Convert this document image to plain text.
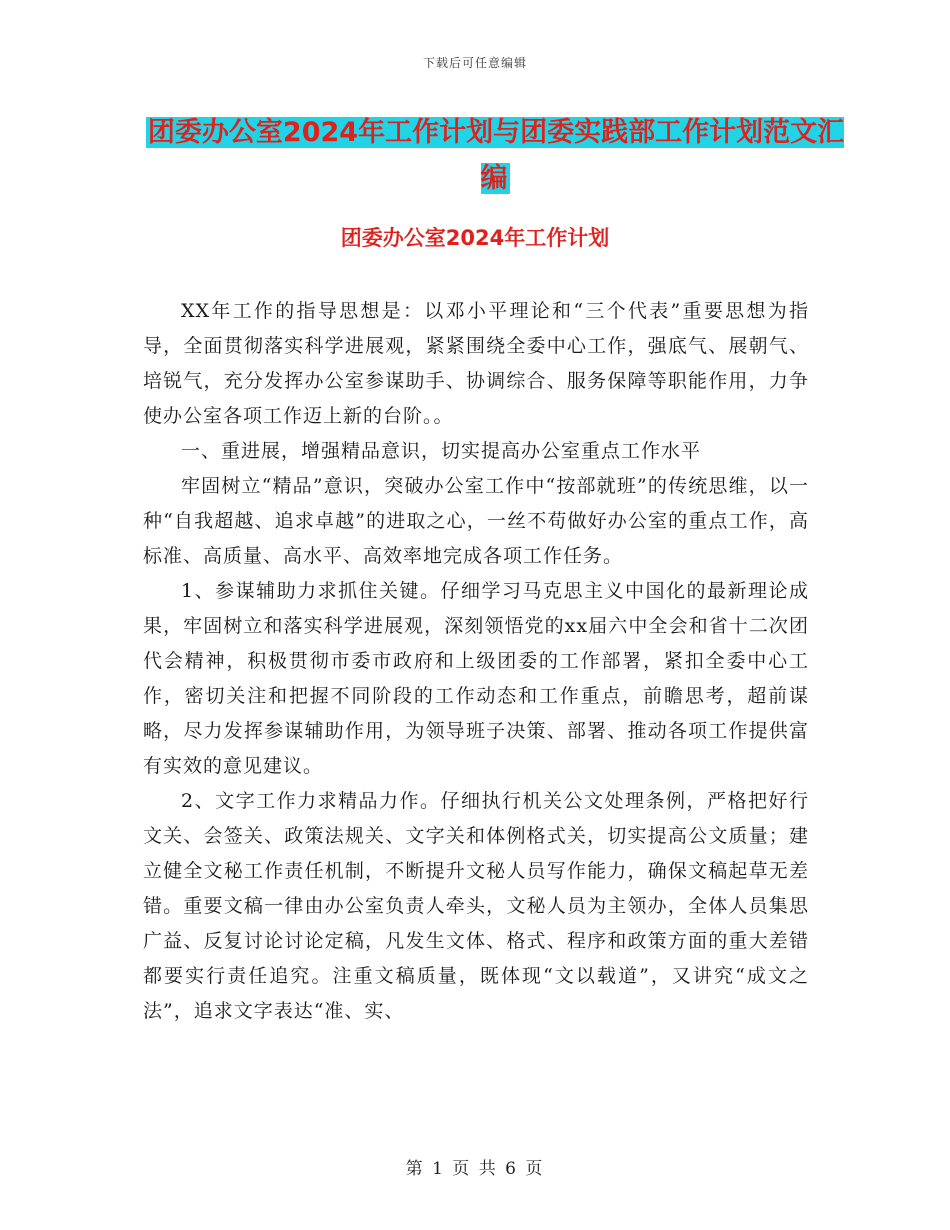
下载后可任意编辑
团委办公室2024年工作计划与团委实践部工作计划范文汇编
团委办公室2024年工作计划

XX年工作的指导思想是：以邓小平理论和“三个代表”重要思想为指导，全面贯彻落实科学进展观，紧紧围绕全委中心工作，强底气、展朝气、培锐气，充分发挥办公室参谋助手、协调综合、服务保障等职能作用，力争使办公室各项工作迈上新的台阶。。

一、重进展，增强精品意识，切实提高办公室重点工作水平

牢固树立“精品”意识，突破办公室工作中“按部就班”的传统思维，以一种“自我超越、追求卓越”的进取之心，一丝不苟做好办公室的重点工作，高标准、高质量、高水平、高效率地完成各项工作任务。

1、参谋辅助力求抓住关键。仔细学习马克思主义中国化的最新理论成果，牢固树立和落实科学进展观，深刻领悟党的xx届六中全会和省十二次团代会精神，积极贯彻市委市政府和上级团委的工作部署，紧扣全委中心工作，密切关注和把握不同阶段的工作动态和工作重点，前瞻思考，超前谋略，尽力发挥参谋辅助作用，为领导班子决策、部署、推动各项工作提供富有实效的意见建议。

2、文字工作力求精品力作。仔细执行机关公文处理条例，严格把好行文关、会签关、政策法规关、文字关和体例格式关，切实提高公文质量；建立健全文秘工作责任机制，不断提升文秘人员写作能力，确保文稿起草无差错。重要文稿一律由办公室负责人牵头，文秘人员为主领办，全体人员集思广益、反复讨论讨论定稿，凡发生文体、格式、程序和政策方面的重大差错都要实行责任追究。注重文稿质量，既体现“文以载道”，又讲究“成文之法”，追求文字表达“准、实、

第 1 页 共 6 页
